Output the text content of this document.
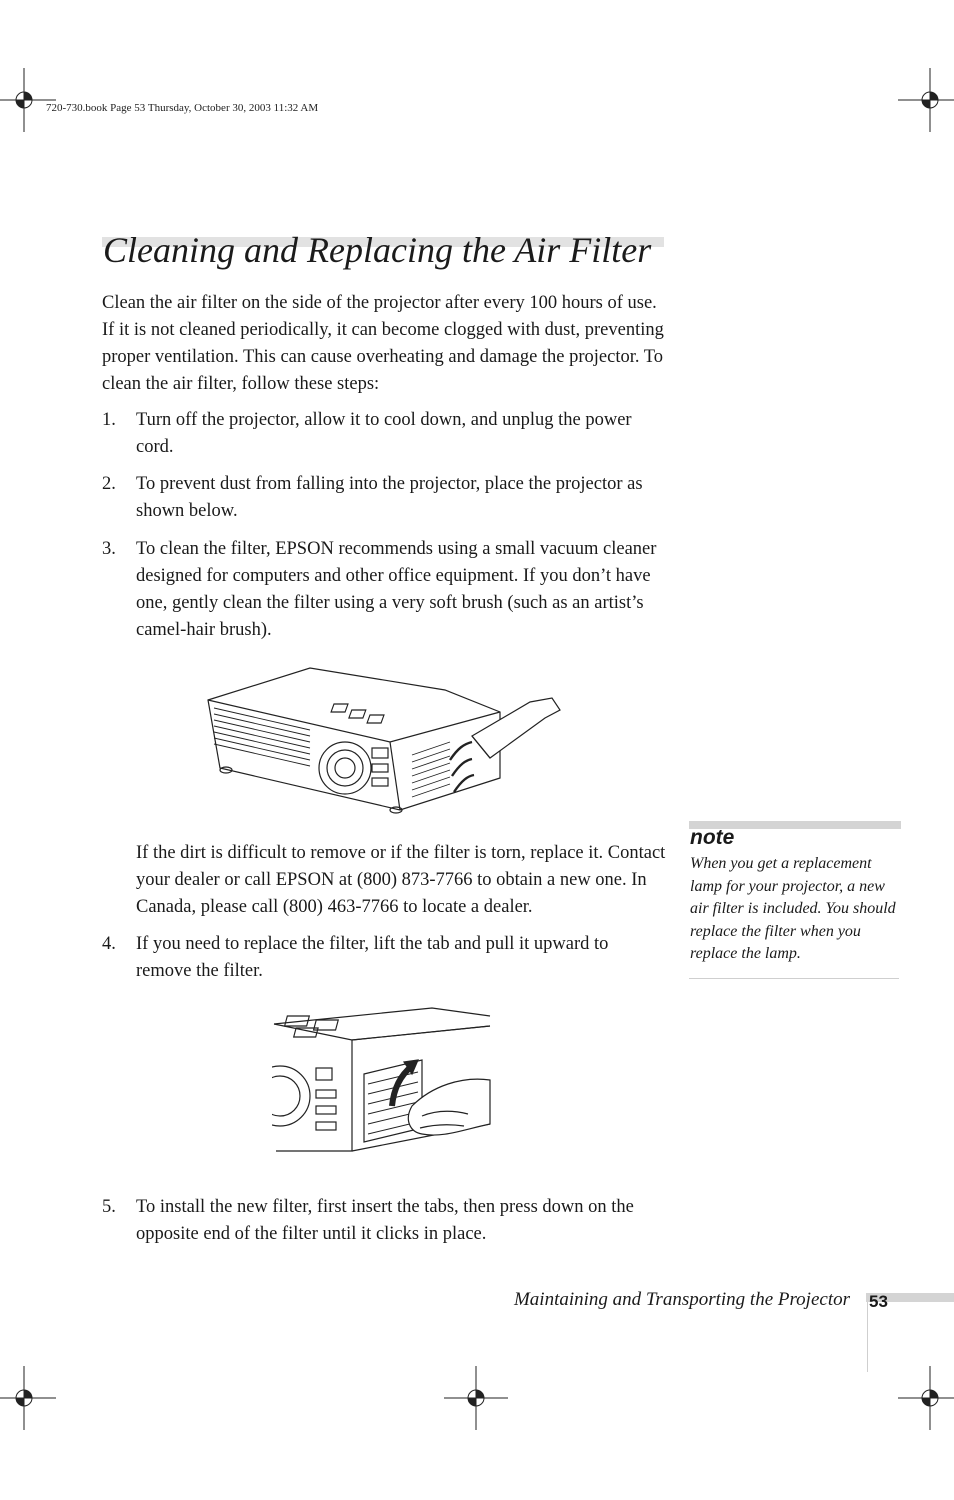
720-730.book Page 53 Thursday, October 30, 2003 11:32 AM
Cleaning and Replacing the Air Filter

Clean the air filter on the side of the projector after every 100 hours of use. If it is not cleaned periodically, it can become clogged with dust, preventing proper ventilation. This can cause overheating and damage the projector. To clean the air filter, follow these steps:

1.	Turn off the projector, allow it to cool down, and unplug the power cord.
2.	To prevent dust from falling into the projector, place the projector as shown below.
3.	To clean the filter, EPSON recommends using a small vacuum cleaner designed for computers and other office equipment. If you don’t have one, gently clean the filter using a very soft brush (such as an artist’s camel-hair brush).

If the dirt is difficult to remove or if the filter is torn, replace it. Contact your dealer or call EPSON at (800) 873-7766 to obtain a new one. In Canada, please call (800) 463-7766 to locate a dealer.

4.	If you need to replace the filter, lift the tab and pull it upward to remove the filter.
5.	To install the new filter, first insert the tabs, then press down on the opposite end of the filter until it clicks in place.
note
When you get a replacement lamp for your projector, a new air filter is included. You should replace the filter when you replace the lamp.
Maintaining and Transporting the Projector 53
